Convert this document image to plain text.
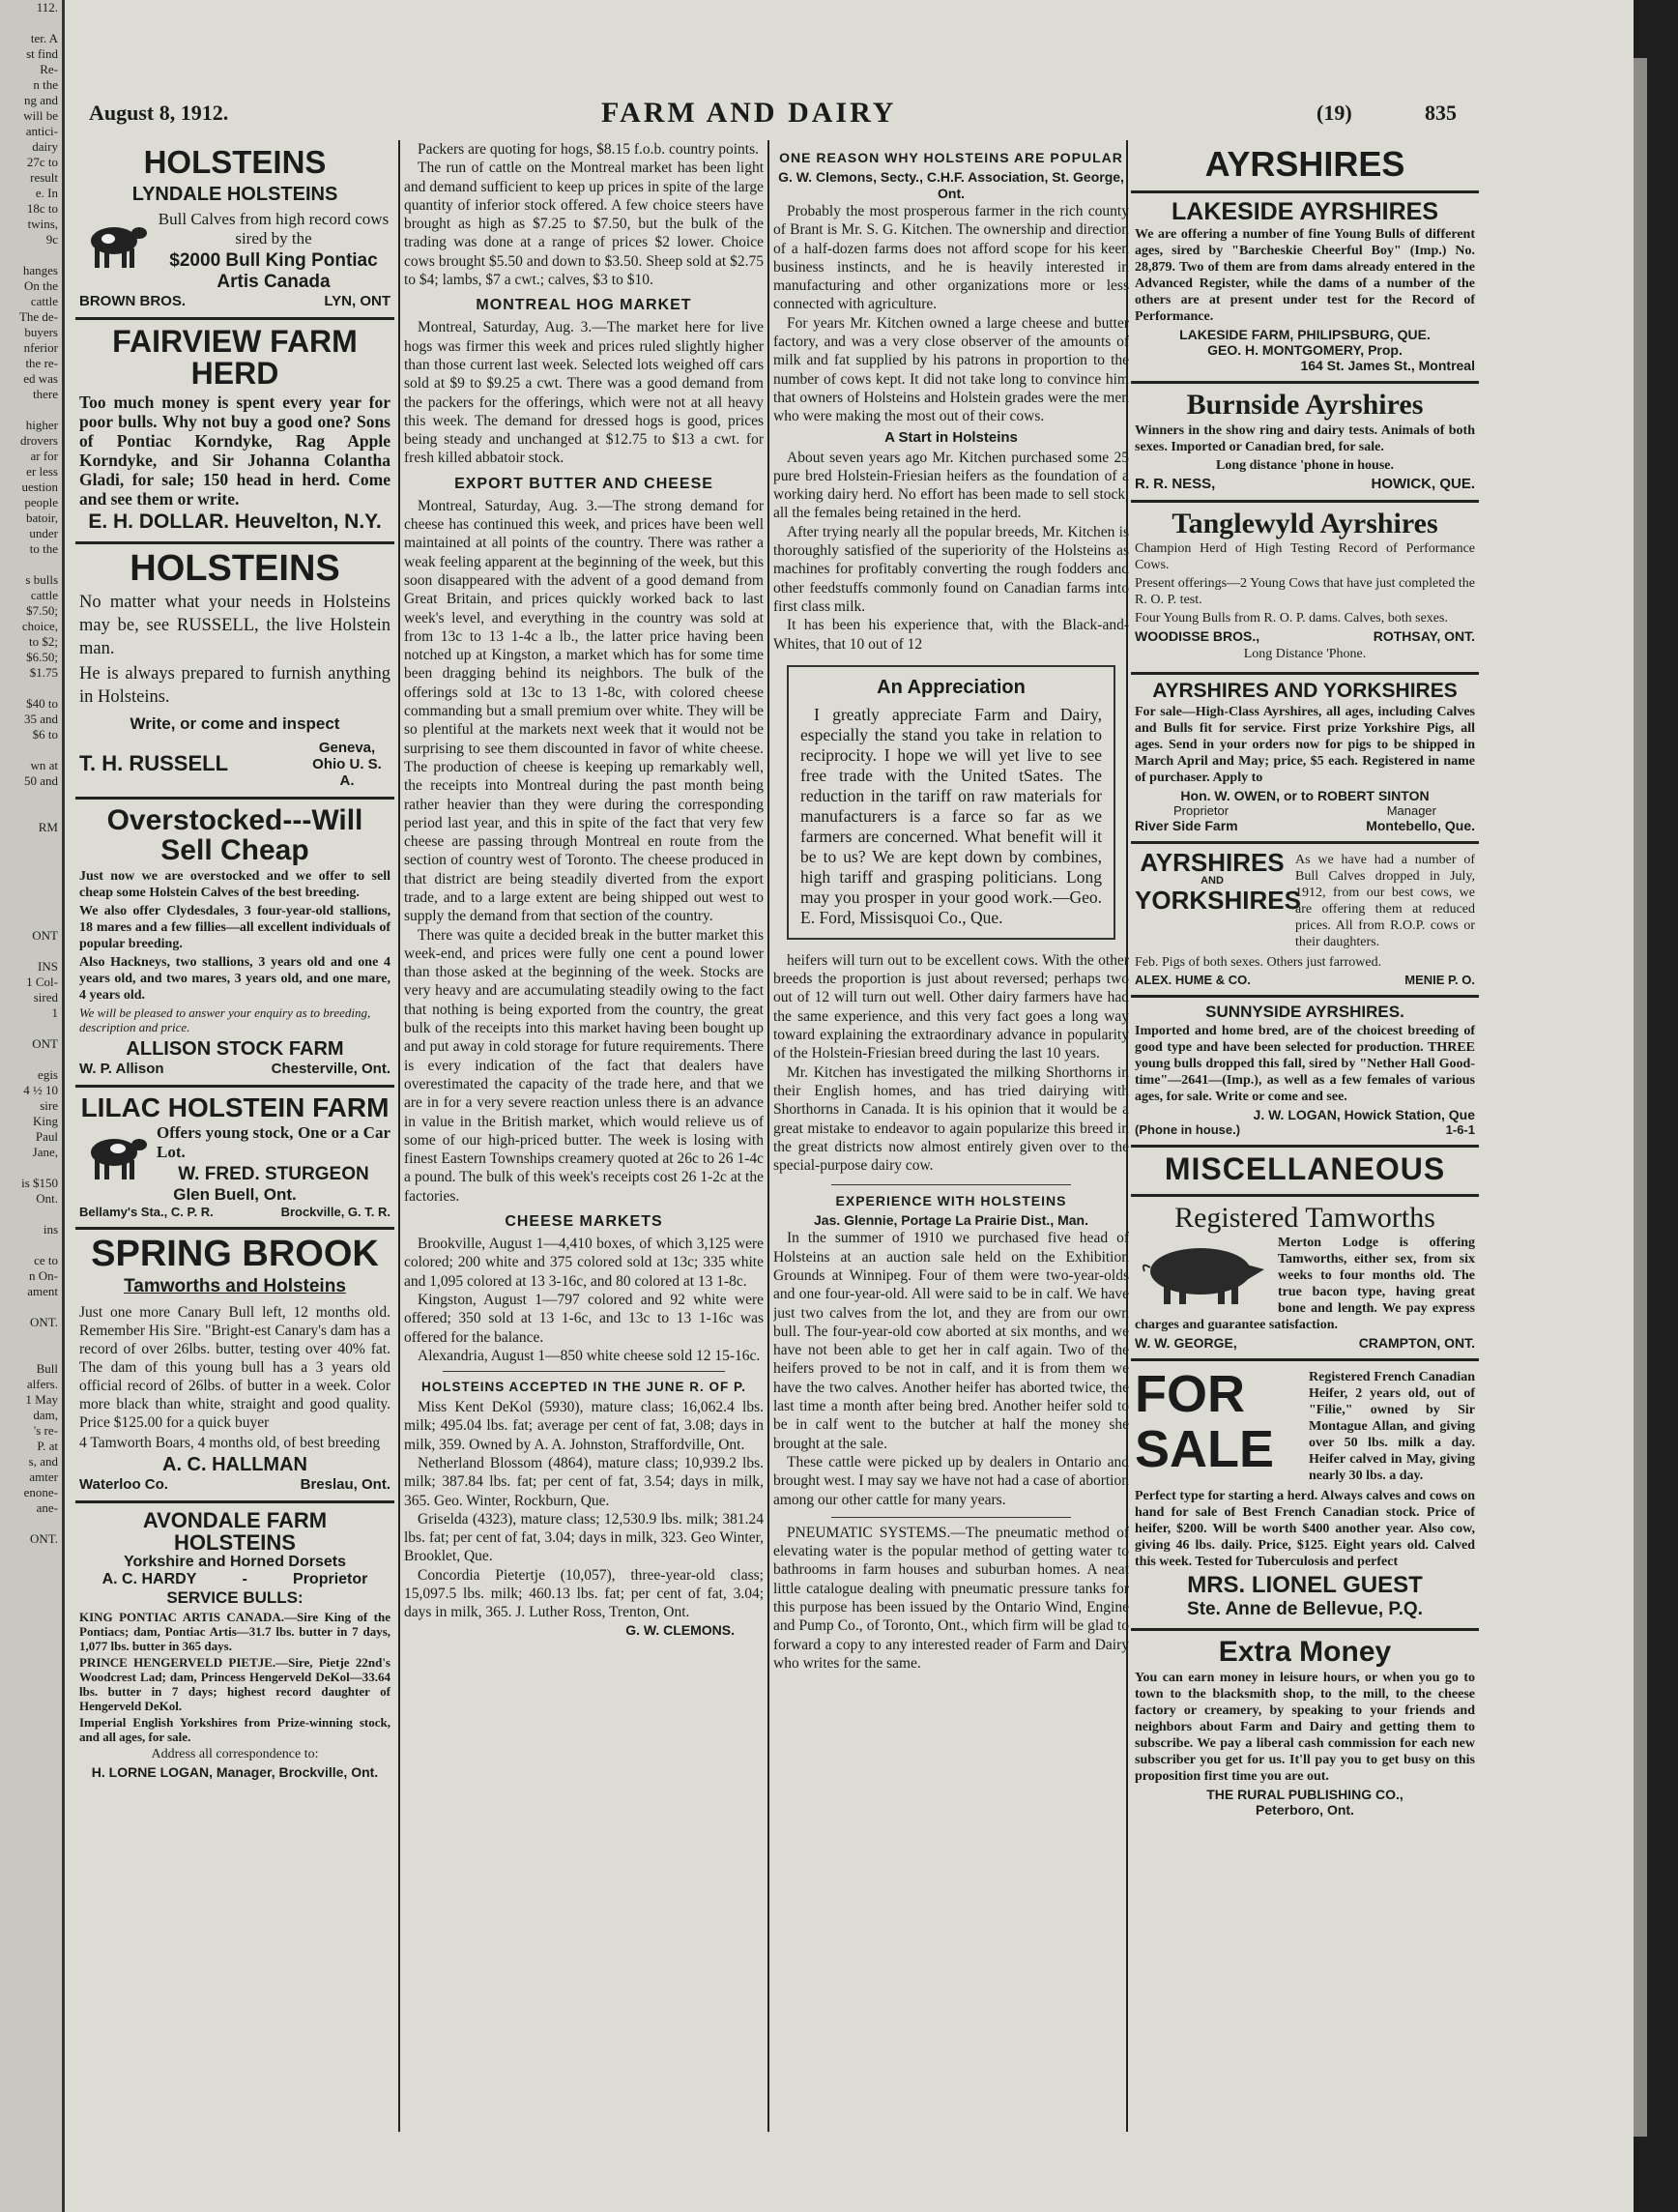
112.

ter. A
st find
Re-
n the
ng and
will be
antici-
dairy
27c to
result
e. In
18c to
twins,
9c

hanges
On the
cattle
The de-
buyers
nferior
the re-
ed was
there

higher
drovers
ar for
er less
uestion
people
batoir,
under
to the

s bulls
cattle
$7.50;
choice,
to $2;
$6.50;
$1.75

$40 to
35 and
$6 to

wn at
50 and

RM

ONT

INS
1 Col-
sired
1

ONT

egis
4 ½ 10
sire
King
Paul
Jane,

is $150
Ont.

ins

ce to
n On-
ament

ONT.

Bull
alfers.
1 May
dam,
's re-
P. at
s, and
amter
enone-
ane-

ONT.
August 8, 1912.	FARM AND DAIRY	(19)	835
HOLSTEINS
LYNDALE HOLSTEINS
Bull Calves from high record cows sired by the
$2000 Bull King Pontiac Artis Canada
BROWN BROS.	LYN, ONT
FAIRVIEW FARM HERD
Too much money is spent every year for poor bulls. Why not buy a good one? Sons of Pontiac Korndyke, Rag Apple Korndyke, and Sir Johanna Colantha Gladi, for sale; 150 head in herd. Come and see them or write.
E. H. DOLLAR. Heuvelton, N.Y.
HOLSTEINS
No matter what your needs in Holsteins may be, see RUSSELL, the live Holstein man.
He is always prepared to furnish anything in Holsteins.
Write, or come and inspect
T. H. RUSSELL
Geneva, Ohio U. S. A.
Overstocked---Will Sell Cheap
Just now we are overstocked and we offer to sell cheap some Holstein Calves of the best breeding.
We also offer Clydesdales, 3 four-year-old stallions, 18 mares and a few fillies—all excellent individuals of popular breeding.
Also Hackneys, two stallions, 3 years old and one 4 years old, and two mares, 3 years old, and one mare, 4 years old.
We will be pleased to answer your enquiry as to breeding, description and price.
ALLISON STOCK FARM
W. P. Allison	Chesterville, Ont.
LILAC HOLSTEIN FARM
Offers young stock, One or a Car Lot.
W. FRED. STURGEON
Glen Buell, Ont.
Bellamy's Sta., C. P. R.	Brockville, G. T. R.
SPRING BROOK
Tamworths and Holsteins
Just one more Canary Bull left, 12 months old. Remember His Sire. "Bright-est Canary's dam has a record of over 26lbs. butter, testing over 40% fat. The dam of this young bull has a 3 years old official record of 26lbs. of butter in a week. Color more black than white, straight and good quality. Price $125.00 for a quick buyer
4 Tamworth Boars, 4 months old, of best breeding
A. C. HALLMAN
Waterloo Co.	Breslau, Ont.
AVONDALE FARM HOLSTEINS
Yorkshire and Horned Dorsets
A. C. HARDY	-	Proprietor
SERVICE BULLS:
KING PONTIAC ARTIS CANADA.—Sire King of the Pontiacs; dam, Pontiac Artis—31.7 lbs. butter in 7 days, 1,077 lbs. butter in 365 days.
PRINCE HENGERVELD PIETJE.—Sire, Pietje 22nd's Woodcrest Lad; dam, Princess Hengerveld DeKol—33.64 lbs. butter in 7 days; highest record daughter of Hengerveld DeKol.
Imperial English Yorkshires from Prize-winning stock, and all ages, for sale.
Address all correspondence to:
H. LORNE LOGAN, Manager, Brockville, Ont.

Packers are quoting for hogs, $8.15 f.o.b. country points.

The run of cattle on the Montreal market has been light and demand sufficient to keep up prices in spite of the large quantity of inferior stock offered. A few choice steers have brought as high as $7.25 to $7.50, but the bulk of the trading was done at a range of prices $2 lower. Choice cows brought $5.50 and down to $3.50. Sheep sold at $2.75 to $4; lambs, $7 a cwt.; calves, $3 to $10.

MONTREAL HOG MARKET

Montreal, Saturday, Aug. 3.—The market here for live hogs was firmer this week and prices ruled slightly higher than those current last week. Selected lots weighed off cars sold at $9 to $9.25 a cwt. There was a good demand from the packers for the offerings, which were not at all heavy this week. The demand for dressed hogs is good, prices being steady and unchanged at $12.75 to $13 a cwt. for fresh killed abbatoir stock.

EXPORT BUTTER AND CHEESE

Montreal, Saturday, Aug. 3.—The strong demand for cheese has continued this week, and prices have been well maintained at all points of the country. There was rather a weak feeling apparent at the beginning of the week, but this soon disappeared with the advent of a good demand from Great Britain, and prices quickly worked back to last week's level, and everything in the country was sold at from 13c to 13 1-4c a lb., the latter price having been notched up at Kingston, a market which has for some time been dragging behind its neighbors. The bulk of the offerings sold at 13c to 13 1-8c, with colored cheese commanding but a small premium over white. They will be so plentiful at the markets next week that it would not be surprising to see them discounted in favor of white cheese. The production of cheese is keeping up remarkably well, the receipts into Montreal during the past month being rather heavier than they were during the corresponding period last year, and this in spite of the fact that very few cheese are passing through Montreal en route from the section of country west of Toronto. The cheese produced in that district are being steadily diverted from the export trade, and to a large extent are being shipped out west to supply the demand from that section of the country.

There was quite a decided break in the butter market this week-end, and prices were fully one cent a pound lower than those asked at the beginning of the week. Stocks are very heavy and are accumulating steadily owing to the fact that nothing is being exported from the country, the great bulk of the receipts into this market having been bought up and put away in cold storage for future requirements. There is every indication of the fact that dealers have overestimated the capacity of the trade here, and that we are in for a very severe reaction unless there is an advance in value in the British market, which would relieve us of some of our high-priced butter. The week is losing with finest Eastern Townships creamery quoted at 26c to 26 1-4c a pound. The bulk of this week's receipts cost 26 1-2c at the factories.

CHEESE MARKETS

Brookville, August 1—4,410 boxes, of which 3,125 were colored; 200 white and 375 colored sold at 13c; 335 white and 1,095 colored at 13 3-16c, and 80 colored at 13 1-8c.

Kingston, August 1—797 colored and 92 white were offered; 350 sold at 13 1-6c, and 13c to 13 1-16c was offered for the balance.

Alexandria, August 1—850 white cheese sold 12 15-16c.

HOLSTEINS ACCEPTED IN THE JUNE R. OF P.

Miss Kent DeKol (5930), mature class; 16,062.4 lbs. milk; 495.04 lbs. fat; average per cent of fat, 3.08; days in milk, 359. Owned by A. A. Johnston, Straffordville, Ont.

Netherland Blossom (4864), mature class; 10,939.2 lbs. milk; 387.84 lbs. fat; per cent of fat, 3.54; days in milk, 365. Geo. Winter, Rockburn, Que.

Griselda (4323), mature class; 12,530.9 lbs. milk; 381.24 lbs. fat; per cent of fat, 3.04; days in milk, 323. Geo Winter, Brooklet, Que.

Concordia Pietertje (10,057), three-year-old class; 15,097.5 lbs. milk; 460.13 lbs. fat; per cent of fat, 3.04; days in milk, 365. J. Luther Ross, Trenton, Ont.

G. W. CLEMONS.
ONE REASON WHY HOLSTEINS ARE POPULAR
G. W. Clemons, Secty., C.H.F. Association, St. George, Ont.

Probably the most prosperous farmer in the rich county of Brant is Mr. S. G. Kitchen. The ownership and direction of a half-dozen farms does not afford scope for his keen business instincts, and he is heavily interested in manufacturing and other organizations more or less connected with agriculture.

For years Mr. Kitchen owned a large cheese and butter factory, and was a very close observer of the amounts of milk and fat supplied by his patrons in proportion to the number of cows kept. It did not take long to convince him that owners of Holsteins and Holstein grades were the men who were making the most out of their cows.

A Start in Holsteins

About seven years ago Mr. Kitchen purchased some 25 pure bred Holstein-Friesian heifers as the foundation of a working dairy herd. No effort has been made to sell stock, all the females being retained in the herd.

After trying nearly all the popular breeds, Mr. Kitchen is thoroughly satisfied of the superiority of the Holsteins as machines for profitably converting the rough fodders and other feedstuffs commonly found on Canadian farms into first class milk.

It has been his experience that, with the Black-and-Whites, that 10 out of 12

An Appreciation

I greatly appreciate Farm and Dairy, especially the stand you take in relation to reciprocity. I hope we will yet live to see free trade with the United tSates. The reduction in the tariff on raw materials for manufacturers is a farce so far as we farmers are concerned. What benefit will it be to us? We are kept down by combines, high tariff and grasping politicians. Long may you prosper in your good work.—Geo. E. Ford, Missisquoi Co., Que.

heifers will turn out to be excellent cows. With the other breeds the proportion is just about reversed; perhaps two out of 12 will turn out well. Other dairy farmers have had the same experience, and this very fact goes a long way toward explaining the extraordinary advance in popularity of the Holstein-Friesian breed during the last 10 years.

Mr. Kitchen has investigated the milking Shorthorns in their English homes, and has tried dairying with Shorthorns in Canada. It is his opinion that it would be a great mistake to endeavor to again popularize this breed in the great districts now almost entirely given over to the special-purpose dairy cow.

EXPERIENCE WITH HOLSTEINS
Jas. Glennie, Portage La Prairie Dist., Man.

In the summer of 1910 we purchased five head of Holsteins at an auction sale held on the Exhibition Grounds at Winnipeg. Four of them were two-year-olds and one four-year-old. All were said to be in calf. We have just two calves from the lot, and they are from our own bull. The four-year-old cow aborted at six months, and we have not been able to get her in calf again. Two of the heifers proved to be not in calf, and it is from them we have the two calves. Another heifer has aborted twice, the last time a month after being bred. Another heifer sold to be in calf went to the butcher at half the money she brought at the sale.

These cattle were picked up by dealers in Ontario and brought west. I may say we have not had a case of abortion among our other cattle for many years.

PNEUMATIC SYSTEMS.—The pneumatic method of elevating water is the popular method of getting water to bathrooms in farm houses and suburban homes. A neat little catalogue dealing with pneumatic pressure tanks for this purpose has been issued by the Ontario Wind, Engine and Pump Co., of Toronto, Ont., which firm will be glad to forward a copy to any interested reader of Farm and Dairy who writes for the same.

AYRSHIRES
LAKESIDE AYRSHIRES
We are offering a number of fine Young Bulls of different ages, sired by "Barcheskie Cheerful Boy" (Imp.) No. 28,879. Two of them are from dams already entered in the Advanced Register, while the dams of a number of the others are at present under test for the Record of Performance.
LAKESIDE FARM, PHILIPSBURG, QUE.
GEO. H. MONTGOMERY, Prop.
164 St. James St., Montreal
Burnside Ayrshires
Winners in the show ring and dairy tests. Animals of both sexes. Imported or Canadian bred, for sale.
Long distance 'phone in house.
R. R. NESS,	HOWICK, QUE.
Tanglewyld Ayrshires
Champion Herd of High Testing Record of Performance Cows.
Present offerings—2 Young Cows that have just completed the R. O. P. test.
Four Young Bulls from R. O. P. dams. Calves, both sexes.
WOODISSE BROS.,	ROTHSAY, ONT.
Long Distance 'Phone.
AYRSHIRES AND YORKSHIRES
For sale—High-Class Ayrshires, all ages, including Calves and Bulls fit for service. First prize Yorkshire Pigs, all ages. Send in your orders now for pigs to be shipped in March April and May; price, $5 each. Registered in name of purchaser. Apply to
Hon. W. OWEN, or to ROBERT SINTON
Proprietor	Manager
River Side Farm	Montebello, Que.
AYRSHIRES
AND
YORKSHIRES
As we have had a number of Bull Calves dropped in July, 1912, from our best cows, we are offering them at reduced prices. All from R.O.P. cows or their daughters.
Feb. Pigs of both sexes. Others just farrowed.
ALEX. HUME & CO.	MENIE P. O.
SUNNYSIDE AYRSHIRES.
Imported and home bred, are of the choicest breeding of good type and have been selected for production. THREE young bulls dropped this fall, sired by "Nether Hall Good-time"—2641—(Imp.), as well as a few females of various ages, for sale. Write or come and see.
J. W. LOGAN, Howick Station, Que
(Phone in house.)	1-6-1
MISCELLANEOUS
Registered Tamworths
Merton Lodge is offering Tamworths, either sex, from six weeks to four months old. The true bacon type, having great bone and length. We pay express charges and guarantee satisfaction.
W. W. GEORGE,	CRAMPTON, ONT.
FOR SALE
Registered French Canadian Heifer, 2 years old, out of "Filie," owned by Sir Montague Allan, and giving over 50 lbs. milk a day. Heifer calved in May, giving nearly 30 lbs. a day.
Perfect type for starting a herd. Always calves and cows on hand for sale of Best French Canadian stock. Price of heifer, $200. Will be worth $400 another year. Also cow, giving 46 lbs. daily. Price, $125. Eight years old. Calved this week. Tested for Tuberculosis and perfect
MRS. LIONEL GUEST
Ste. Anne de Bellevue, P.Q.
Extra Money
You can earn money in leisure hours, or when you go to town to the blacksmith shop, to the mill, to the cheese factory or creamery, by speaking to your friends and neighbors about Farm and Dairy and getting them to subscribe. We pay a liberal cash commission for each new subscriber you get for us. It'll pay you to get busy on this proposition first time you are out.
THE RURAL PUBLISHING CO.,
Peterboro, Ont.
